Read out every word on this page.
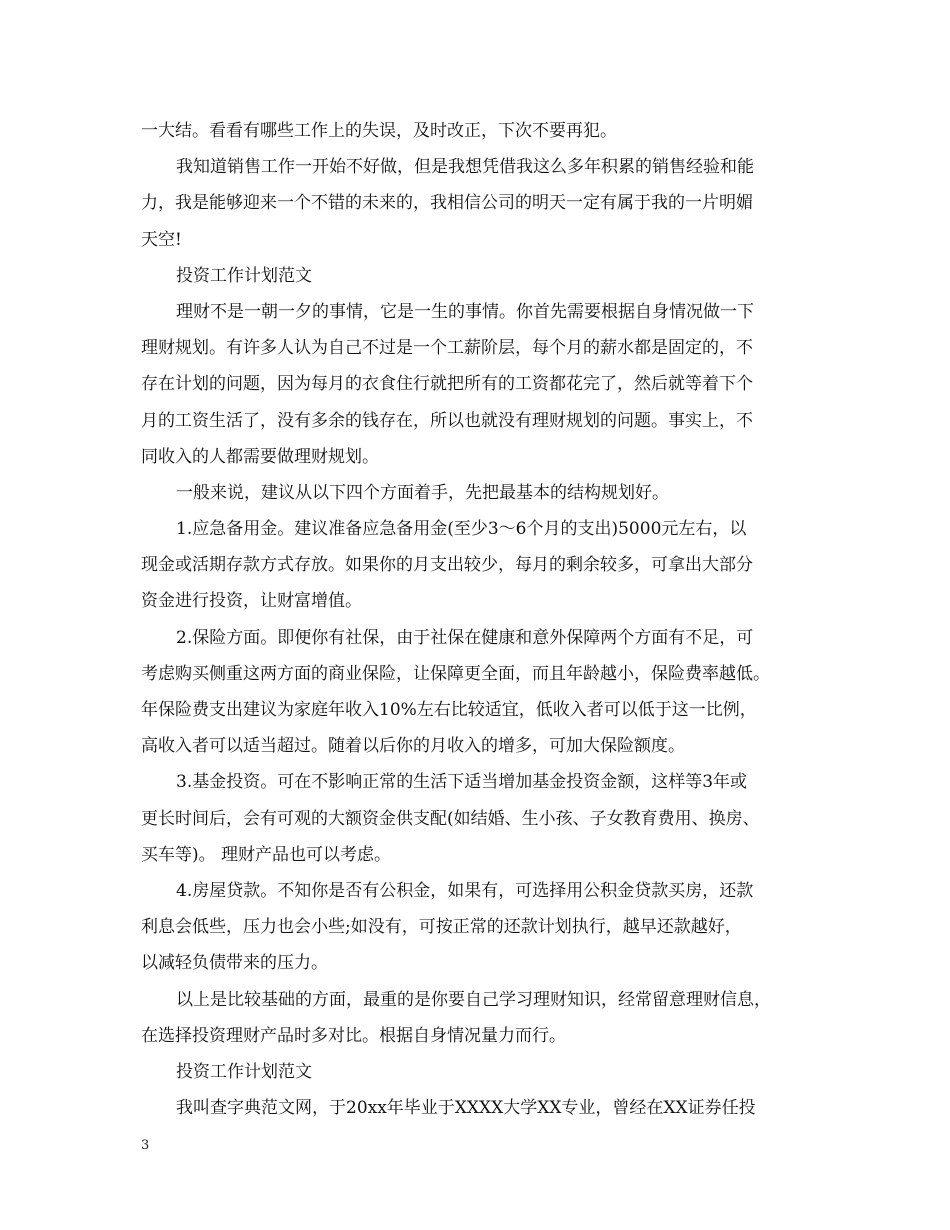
一大结。看看有哪些工作上的失误，及时改正，下次不要再犯。
我知道销售工作一开始不好做，但是我想凭借我这么多年积累的销售经验和能
力，我是能够迎来一个不错的未来的，我相信公司的明天一定有属于我的一片明媚
天空!
投资工作计划范文
理财不是一朝一夕的事情，它是一生的事情。你首先需要根据自身情况做一下
理财规划。有许多人认为自己不过是一个工薪阶层，每个月的薪水都是固定的，不
存在计划的问题，因为每月的衣食住行就把所有的工资都花完了，然后就等着下个
月的工资生活了，没有多余的钱存在，所以也就没有理财规划的问题。事实上，不
同收入的人都需要做理财规划。
一般来说，建议从以下四个方面着手，先把最基本的结构规划好。
1.应急备用金。建议准备应急备用金(至少3～6个月的支出)5000元左右，以
现金或活期存款方式存放。如果你的月支出较少，每月的剩余较多，可拿出大部分
资金进行投资，让财富增值。
2.保险方面。即便你有社保，由于社保在健康和意外保障两个方面有不足，可
考虑购买侧重这两方面的商业保险，让保障更全面，而且年龄越小，保险费率越低。
年保险费支出建议为家庭年收入10%左右比较适宜，低收入者可以低于这一比例，
高收入者可以适当超过。随着以后你的月收入的增多，可加大保险额度。
3.基金投资。可在不影响正常的生活下适当增加基金投资金额，这样等3年或
更长时间后，会有可观的大额资金供支配(如结婚、生小孩、子女教育费用、换房、
买车等)。 理财产品也可以考虑。
4.房屋贷款。不知你是否有公积金，如果有，可选择用公积金贷款买房，还款
利息会低些，压力也会小些;如没有，可按正常的还款计划执行，越早还款越好，
以减轻负债带来的压力。
以上是比较基础的方面，最重的是你要自己学习理财知识，经常留意理财信息，
在选择投资理财产品时多对比。根据自身情况量力而行。
投资工作计划范文
我叫查字典范文网，于20xx年毕业于XXXX大学XX专业，曾经在XX证券任投
3
